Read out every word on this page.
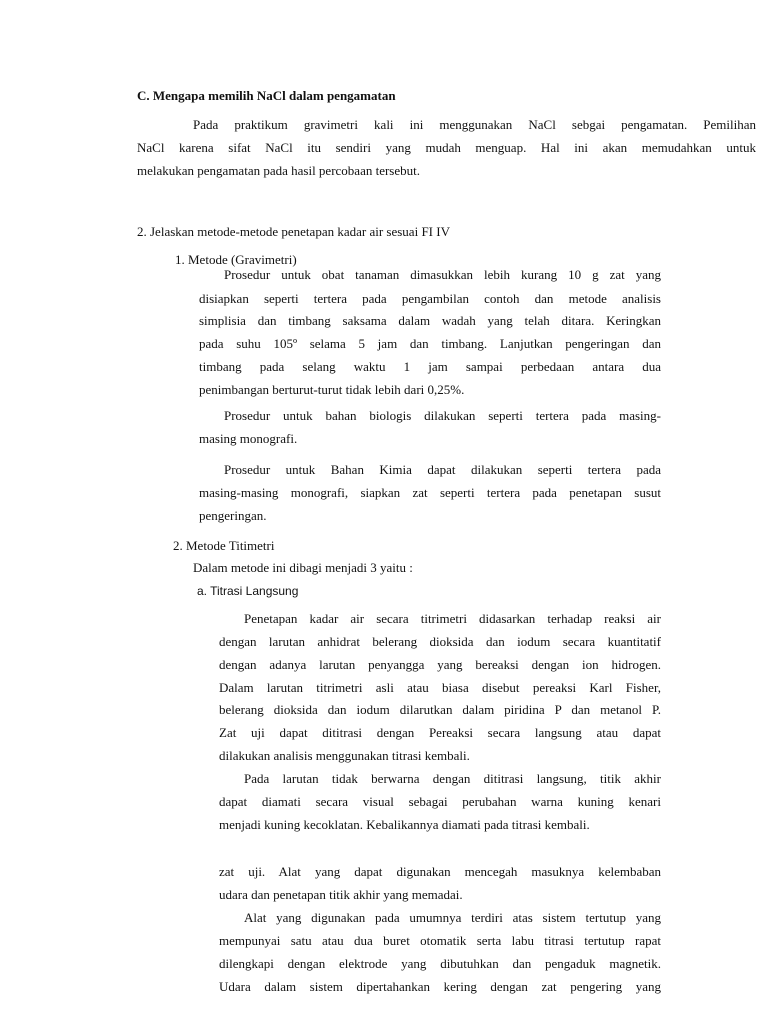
C. Mengapa memilih NaCl dalam pengamatan
Pada praktikum gravimetri kali ini menggunakan NaCl sebgai pengamatan. Pemilihan
NaCl karena sifat NaCl itu sendiri yang mudah menguap. Hal ini akan memudahkan untuk
melakukan pengamatan pada hasil percobaan tersebut.
2. Jelaskan metode-metode penetapan kadar air sesuai FI IV
1. Metode (Gravimetri)
Prosedur untuk obat tanaman dimasukkan lebih kurang 10 g zat yang
disiapkan seperti tertera pada pengambilan contoh dan metode analisis
simplisia dan timbang saksama dalam wadah yang telah ditara. Keringkan
pada suhu 105º selama 5 jam dan timbang. Lanjutkan pengeringan dan
timbang pada selang waktu 1 jam sampai perbedaan antara dua
penimbangan berturut-turut tidak lebih dari 0,25%.
Prosedur untuk bahan biologis dilakukan seperti tertera pada masing-
masing monografi.
Prosedur untuk Bahan Kimia dapat dilakukan seperti tertera pada
masing-masing monografi, siapkan zat seperti tertera pada penetapan susut
pengeringan.
2. Metode Titimetri
Dalam metode ini dibagi menjadi 3 yaitu :
a. Titrasi Langsung
Penetapan kadar air secara titrimetri didasarkan terhadap reaksi air
dengan larutan anhidrat belerang dioksida dan iodum secara kuantitatif
dengan adanya larutan penyangga yang bereaksi dengan ion hidrogen.
Dalam larutan titrimetri asli atau biasa disebut pereaksi Karl Fisher,
belerang dioksida dan iodum dilarutkan dalam piridina P dan metanol P.
Zat uji dapat dititrasi dengan Pereaksi secara langsung atau dapat
dilakukan analisis menggunakan titrasi kembali.
Pada larutan tidak berwarna dengan dititrasi langsung, titik akhir
dapat diamati secara visual sebagai perubahan warna kuning kenari
menjadi kuning kecoklatan. Kebalikannya diamati pada titrasi kembali.
zat uji. Alat yang dapat digunakan mencegah masuknya kelembaban
udara dan penetapan titik akhir yang memadai.
Alat yang digunakan pada umumnya terdiri atas sistem tertutup yang
mempunyai satu atau dua buret otomatik serta labu titrasi tertutup rapat
dilengkapi dengan elektrode yang dibutuhkan dan pengaduk magnetik.
Udara dalam sistem dipertahankan kering dengan zat pengering yang
